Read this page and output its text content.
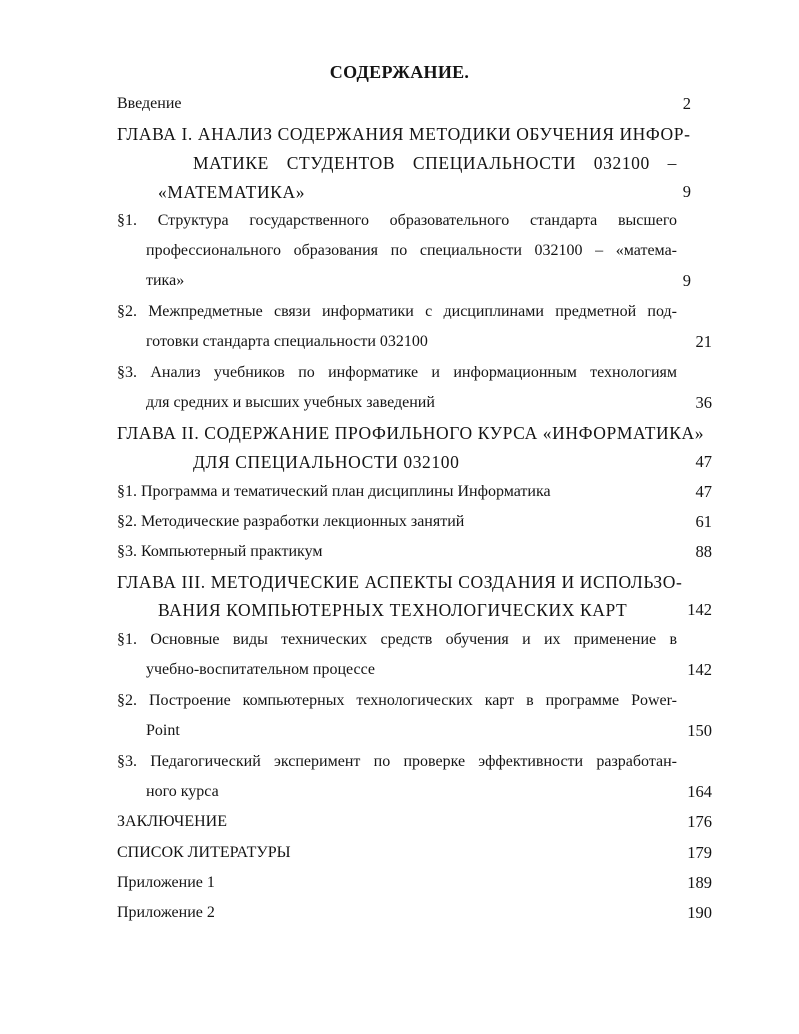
СОДЕРЖАНИЕ.
Введение	2
ГЛАВА I. АНАЛИЗ СОДЕРЖАНИЯ МЕТОДИКИ ОБУЧЕНИЯ ИНФОР-
МАТИКЕ СТУДЕНТОВ СПЕЦИАЛЬНОСТИ 032100 –
«МАТЕМАТИКА»	9
§1. Структура государственного образовательного стандарта высшего
профессионального образования по специальности 032100 – «матема-
тика»	9
§2. Межпредметные связи информатики с дисциплинами предметной под-
готовки стандарта специальности 032100	21
§3. Анализ учебников по информатике и информационным технологиям
для средних и высших учебных заведений	36
ГЛАВА II. СОДЕРЖАНИЕ ПРОФИЛЬНОГО КУРСА «ИНФОРМАТИКА»
ДЛЯ СПЕЦИАЛЬНОСТИ 032100	47
§1. Программа и тематический план дисциплины Информатика	47
§2. Методические разработки лекционных занятий	61
§3. Компьютерный практикум	88
ГЛАВА III. МЕТОДИЧЕСКИЕ АСПЕКТЫ СОЗДАНИЯ И ИСПОЛЬЗО-
ВАНИЯ КОМПЬЮТЕРНЫХ ТЕХНОЛОГИЧЕСКИХ КАРТ	142
§1. Основные виды технических средств обучения и их применение в
учебно-воспитательном процессе	142
§2. Построение компьютерных технологических карт в программе Power-
Point	150
§3. Педагогический эксперимент по проверке эффективности разработан-
ного курса	164
ЗАКЛЮЧЕНИЕ	176
СПИСОК ЛИТЕРАТУРЫ	179
Приложение 1	189
Приложение 2	190
